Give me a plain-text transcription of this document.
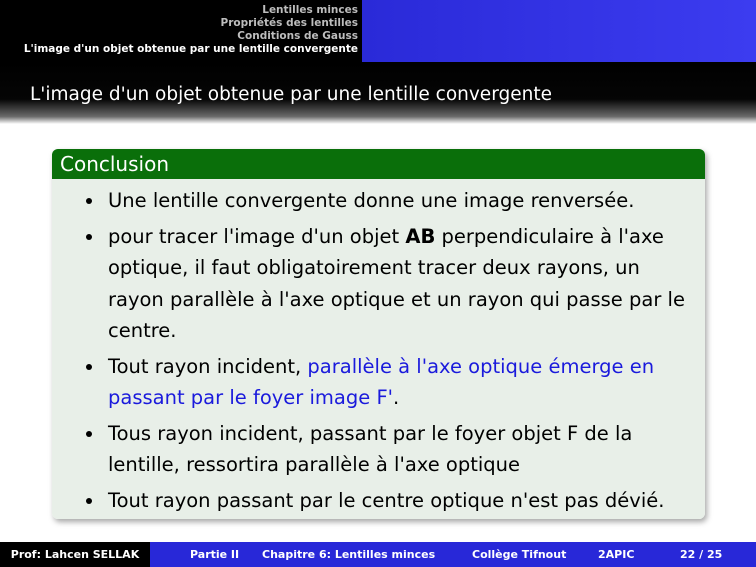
Lentilles minces
Propriétés des lentilles
Conditions de Gauss
L'image d'un objet obtenue par une lentille convergente
L'image d'un objet obtenue par une lentille convergente
Conclusion
Une lentille convergente donne une image renversée.
pour tracer l'image d'un objet AB perpendiculaire à l'axe optique, il faut obligatoirement tracer deux rayons, un rayon parallèle à l'axe optique et un rayon qui passe par le centre.
Tout rayon incident, parallèle à l'axe optique émerge en passant par le foyer image F'.
Tous rayon incident, passant par le foyer objet F de la lentille, ressortira parallèle à l'axe optique
Tout rayon passant par le centre optique n'est pas dévié.
Prof: Lahcen SELLAK	Partie II Chapitre 6: Lentilles minces	Collège Tifnout	2APIC	22 / 25
